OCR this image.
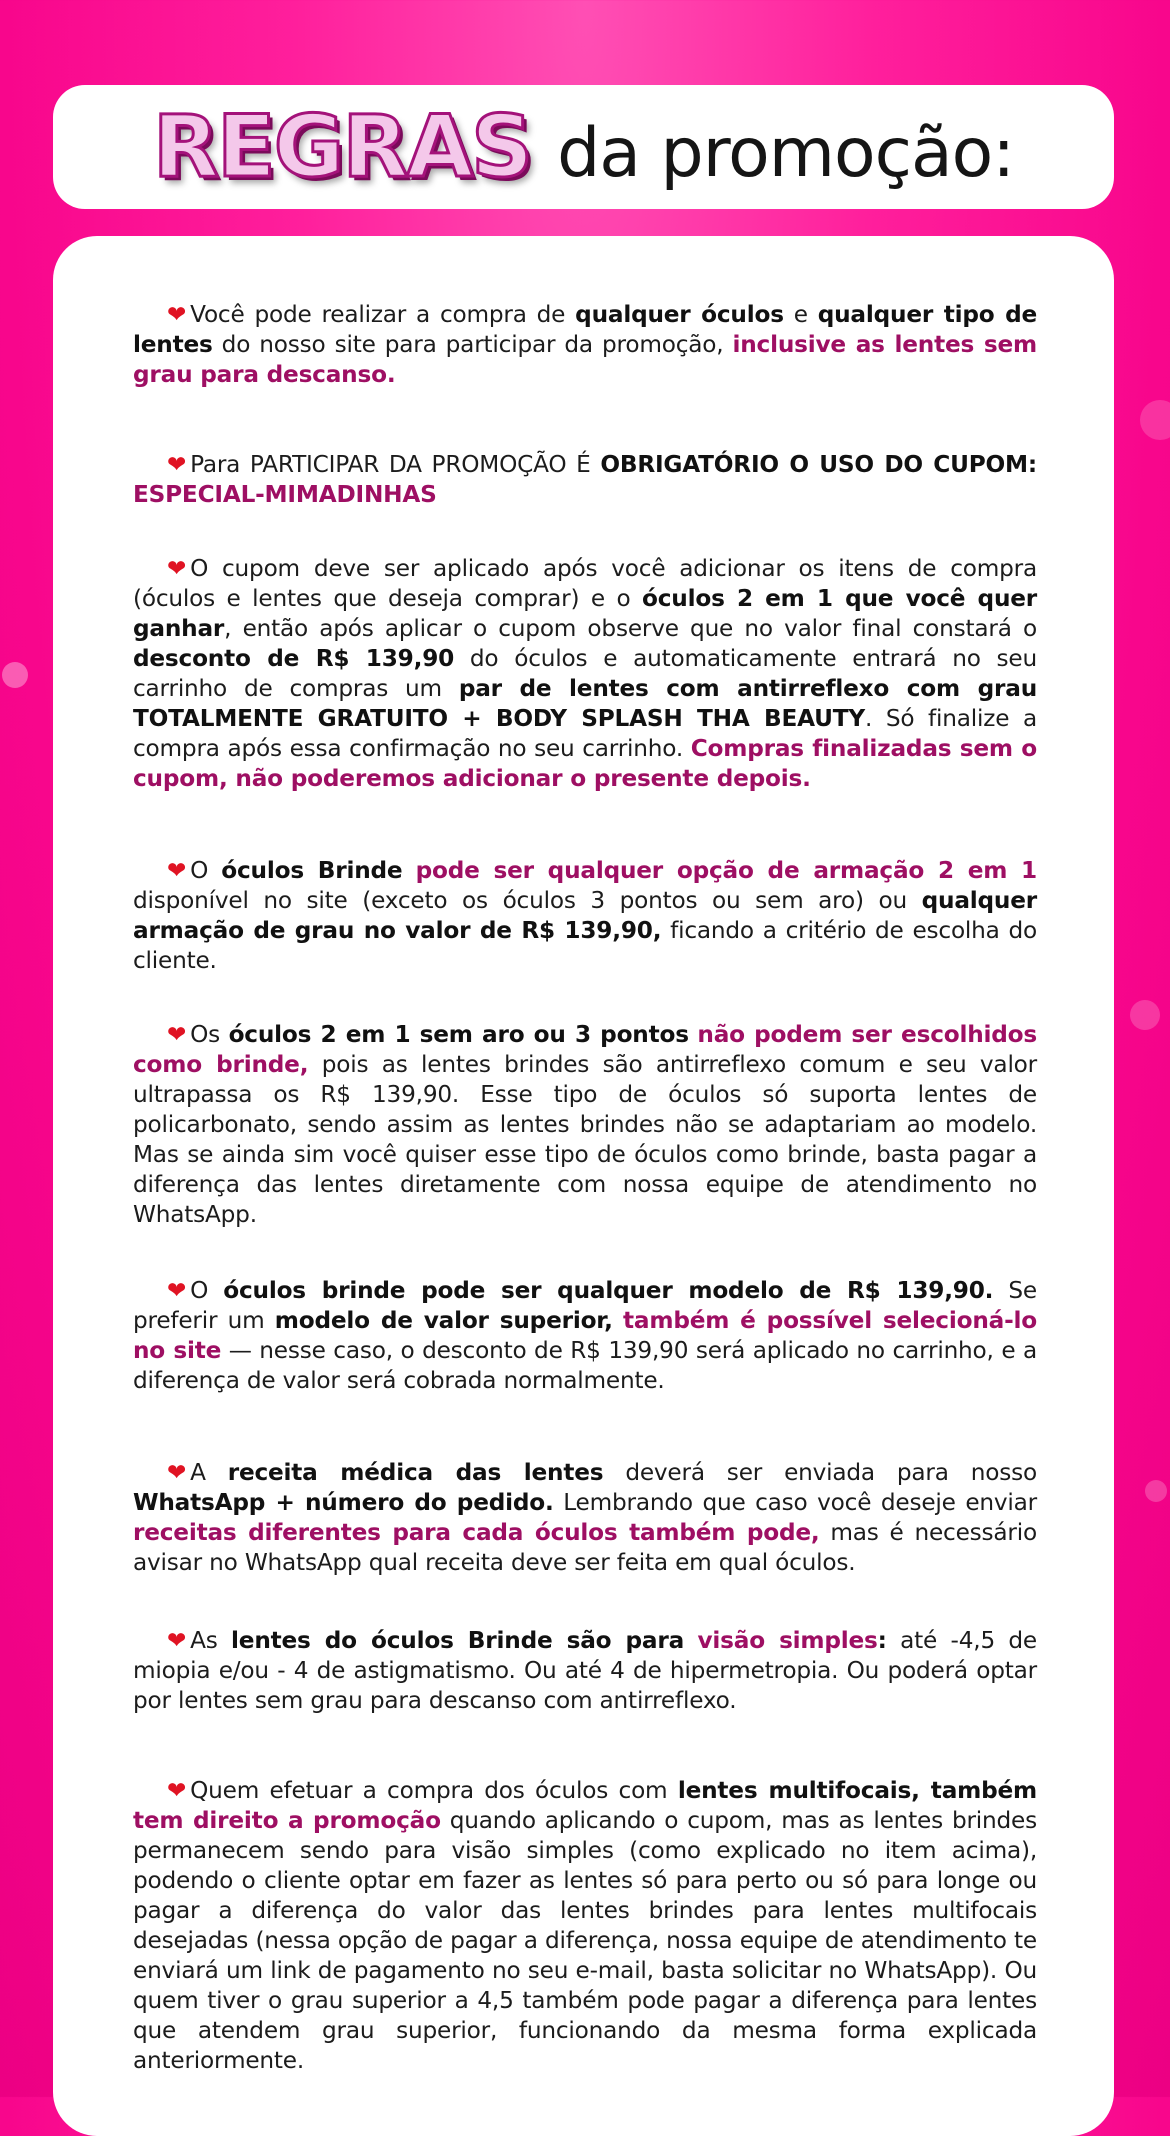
REGRAS da promoção:

❤ Você pode realizar a compra de qualquer óculos e qualquer tipo de lentes do nosso site para participar da promoção, inclusive as lentes sem grau para descanso.

❤ Para PARTICIPAR DA PROMOÇÃO É OBRIGATÓRIO O USO DO CUPOM: ESPECIAL-MIMADINHAS

❤ O cupom deve ser aplicado após você adicionar os itens de compra (óculos e lentes que deseja comprar) e o óculos 2 em 1 que você quer ganhar, então após aplicar o cupom observe que no valor final constará o desconto de R$ 139,90 do óculos e automaticamente entrará no seu carrinho de compras um par de lentes com antirreflexo com grau TOTALMENTE GRATUITO + BODY SPLASH THA BEAUTY. Só finalize a compra após essa confirmação no seu carrinho. Compras finalizadas sem o cupom, não poderemos adicionar o presente depois.

❤ O óculos Brinde pode ser qualquer opção de armação 2 em 1 disponível no site (exceto os óculos 3 pontos ou sem aro) ou qualquer armação de grau no valor de R$ 139,90, ficando a critério de escolha do cliente.

❤ Os óculos 2 em 1 sem aro ou 3 pontos não podem ser escolhidos como brinde, pois as lentes brindes são antirreflexo comum e seu valor ultrapassa os R$ 139,90. Esse tipo de óculos só suporta lentes de policarbonato, sendo assim as lentes brindes não se adaptariam ao modelo. Mas se ainda sim você quiser esse tipo de óculos como brinde, basta pagar a diferença das lentes diretamente com nossa equipe de atendimento no WhatsApp.

❤ O óculos brinde pode ser qualquer modelo de R$ 139,90. Se preferir um modelo de valor superior, também é possível selecioná-lo no site — nesse caso, o desconto de R$ 139,90 será aplicado no carrinho, e a diferença de valor será cobrada normalmente.

❤ A receita médica das lentes deverá ser enviada para nosso WhatsApp + número do pedido. Lembrando que caso você deseje enviar receitas diferentes para cada óculos também pode, mas é necessário avisar no WhatsApp qual receita deve ser feita em qual óculos.

❤ As lentes do óculos Brinde são para visão simples: até -4,5 de miopia e/ou - 4 de astigmatismo. Ou até 4 de hipermetropia. Ou poderá optar por lentes sem grau para descanso com antirreflexo.

❤ Quem efetuar a compra dos óculos com lentes multifocais, também tem direito a promoção quando aplicando o cupom, mas as lentes brindes permanecem sendo para visão simples (como explicado no item acima), podendo o cliente optar em fazer as lentes só para perto ou só para longe ou pagar a diferença do valor das lentes brindes para lentes multifocais desejadas (nessa opção de pagar a diferença, nossa equipe de atendimento te enviará um link de pagamento no seu e-mail, basta solicitar no WhatsApp). Ou quem tiver o grau superior a 4,5 também pode pagar a diferença para lentes que atendem grau superior, funcionando da mesma forma explicada anteriormente.
